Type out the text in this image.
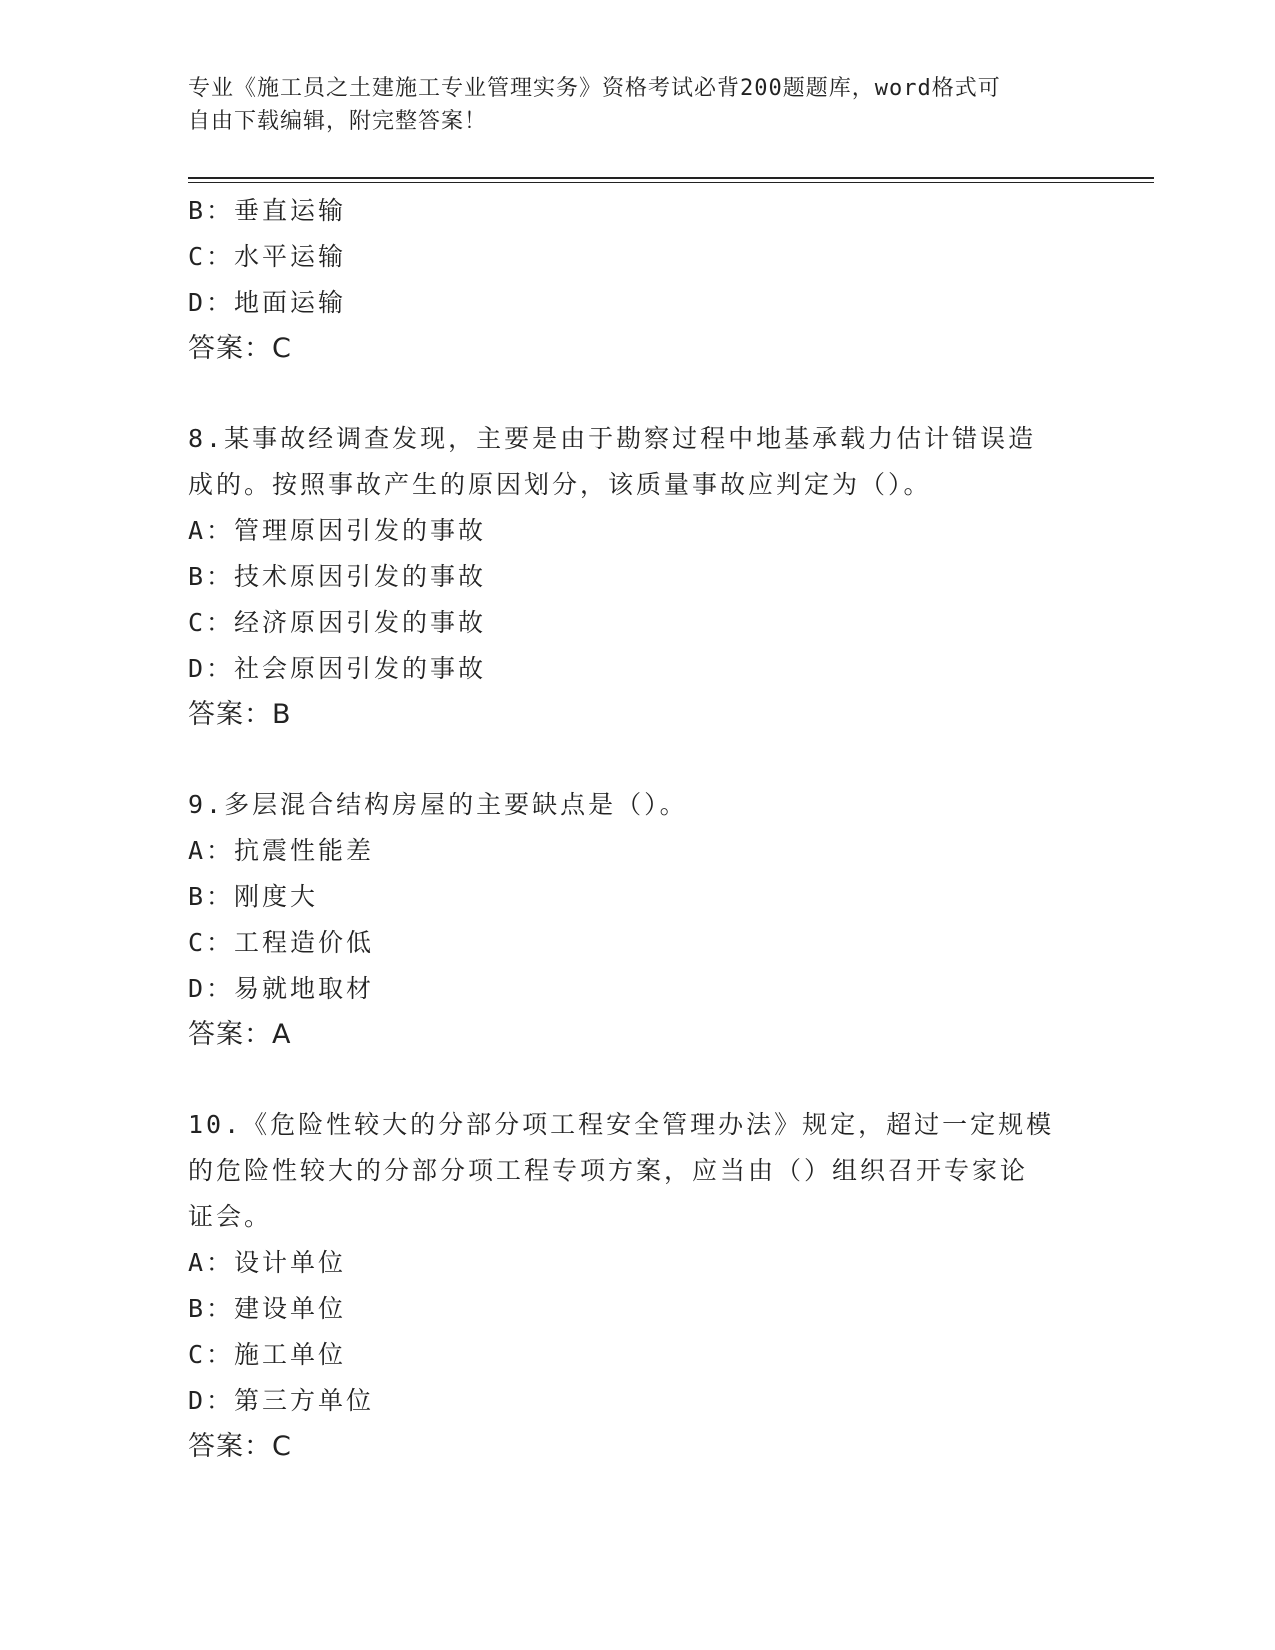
专业《施工员之土建施工专业管理实务》资格考试必背200题题库，word格式可
自由下载编辑，附完整答案！
B：垂直运输
C：水平运输
D：地面运输
答案：C
8.某事故经调查发现，主要是由于勘察过程中地基承载力估计错误造
成的。按照事故产生的原因划分，该质量事故应判定为（）。
A：管理原因引发的事故
B：技术原因引发的事故
C：经济原因引发的事故
D：社会原因引发的事故
答案：B
9.多层混合结构房屋的主要缺点是（）。
A：抗震性能差
B：刚度大
C：工程造价低
D：易就地取材
答案：A
10.《危险性较大的分部分项工程安全管理办法》规定，超过一定规模
的危险性较大的分部分项工程专项方案，应当由（）组织召开专家论
证会。
A：设计单位
B：建设单位
C：施工单位
D：第三方单位
答案：C
